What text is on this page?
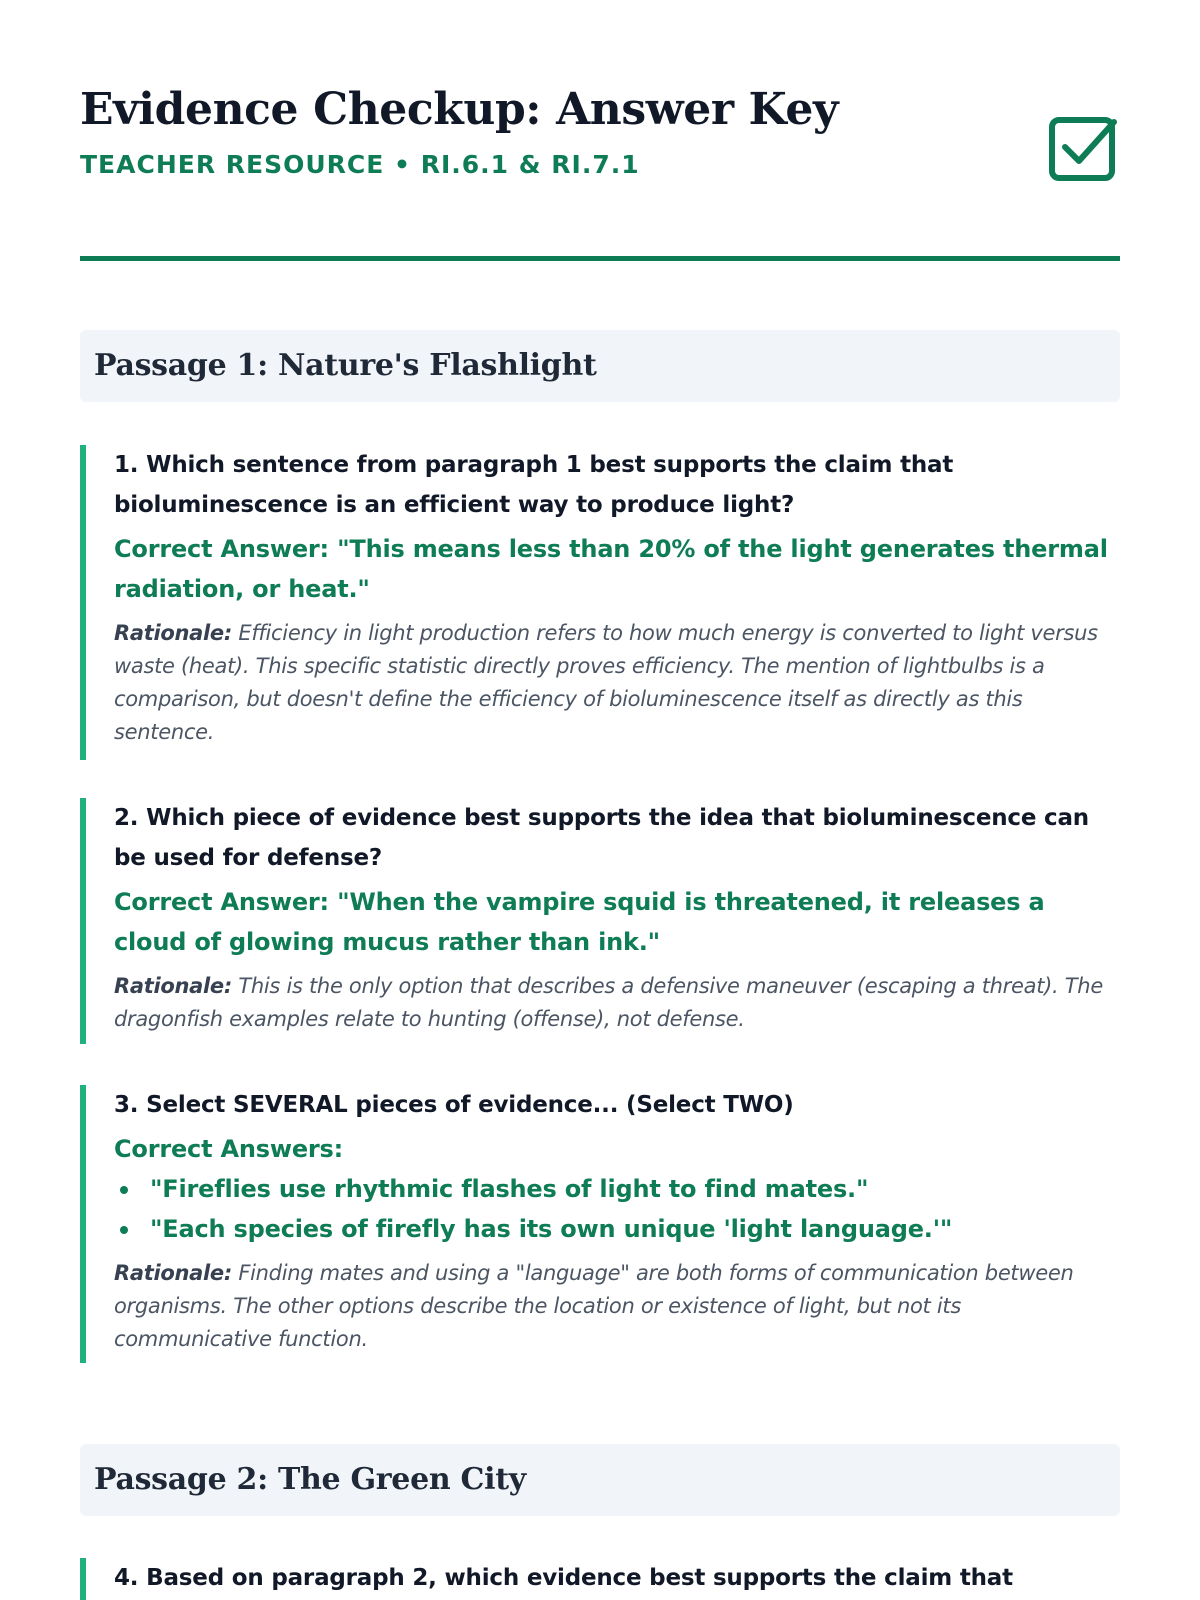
Evidence Checkup: Answer Key
TEACHER RESOURCE • RI.6.1 & RI.7.1
Passage 1: Nature's Flashlight

1. Which sentence from paragraph 1 best supports the claim that bioluminescence is an efficient way to produce light?

Correct Answer: "This means less than 20% of the light generates thermal radiation, or heat."

Rationale: Efficiency in light production refers to how much energy is converted to light versus waste (heat). This specific statistic directly proves efficiency. The mention of lightbulbs is a comparison, but doesn't define the efficiency of bioluminescence itself as directly as this sentence.

2. Which piece of evidence best supports the idea that bioluminescence can be used for defense?

Correct Answer: "When the vampire squid is threatened, it releases a cloud of glowing mucus rather than ink."

Rationale: This is the only option that describes a defensive maneuver (escaping a threat). The dragonfish examples relate to hunting (offense), not defense.

3. Select SEVERAL pieces of evidence... (Select TWO)

Correct Answers:

"Fireflies use rhythmic flashes of light to find mates."
"Each species of firefly has its own unique 'light language.'"

Rationale: Finding mates and using a "language" are both forms of communication between organisms. The other options describe the location or existence of light, but not its communicative function.

Passage 2: The Green City

4. Based on paragraph 2, which evidence best supports the claim that
